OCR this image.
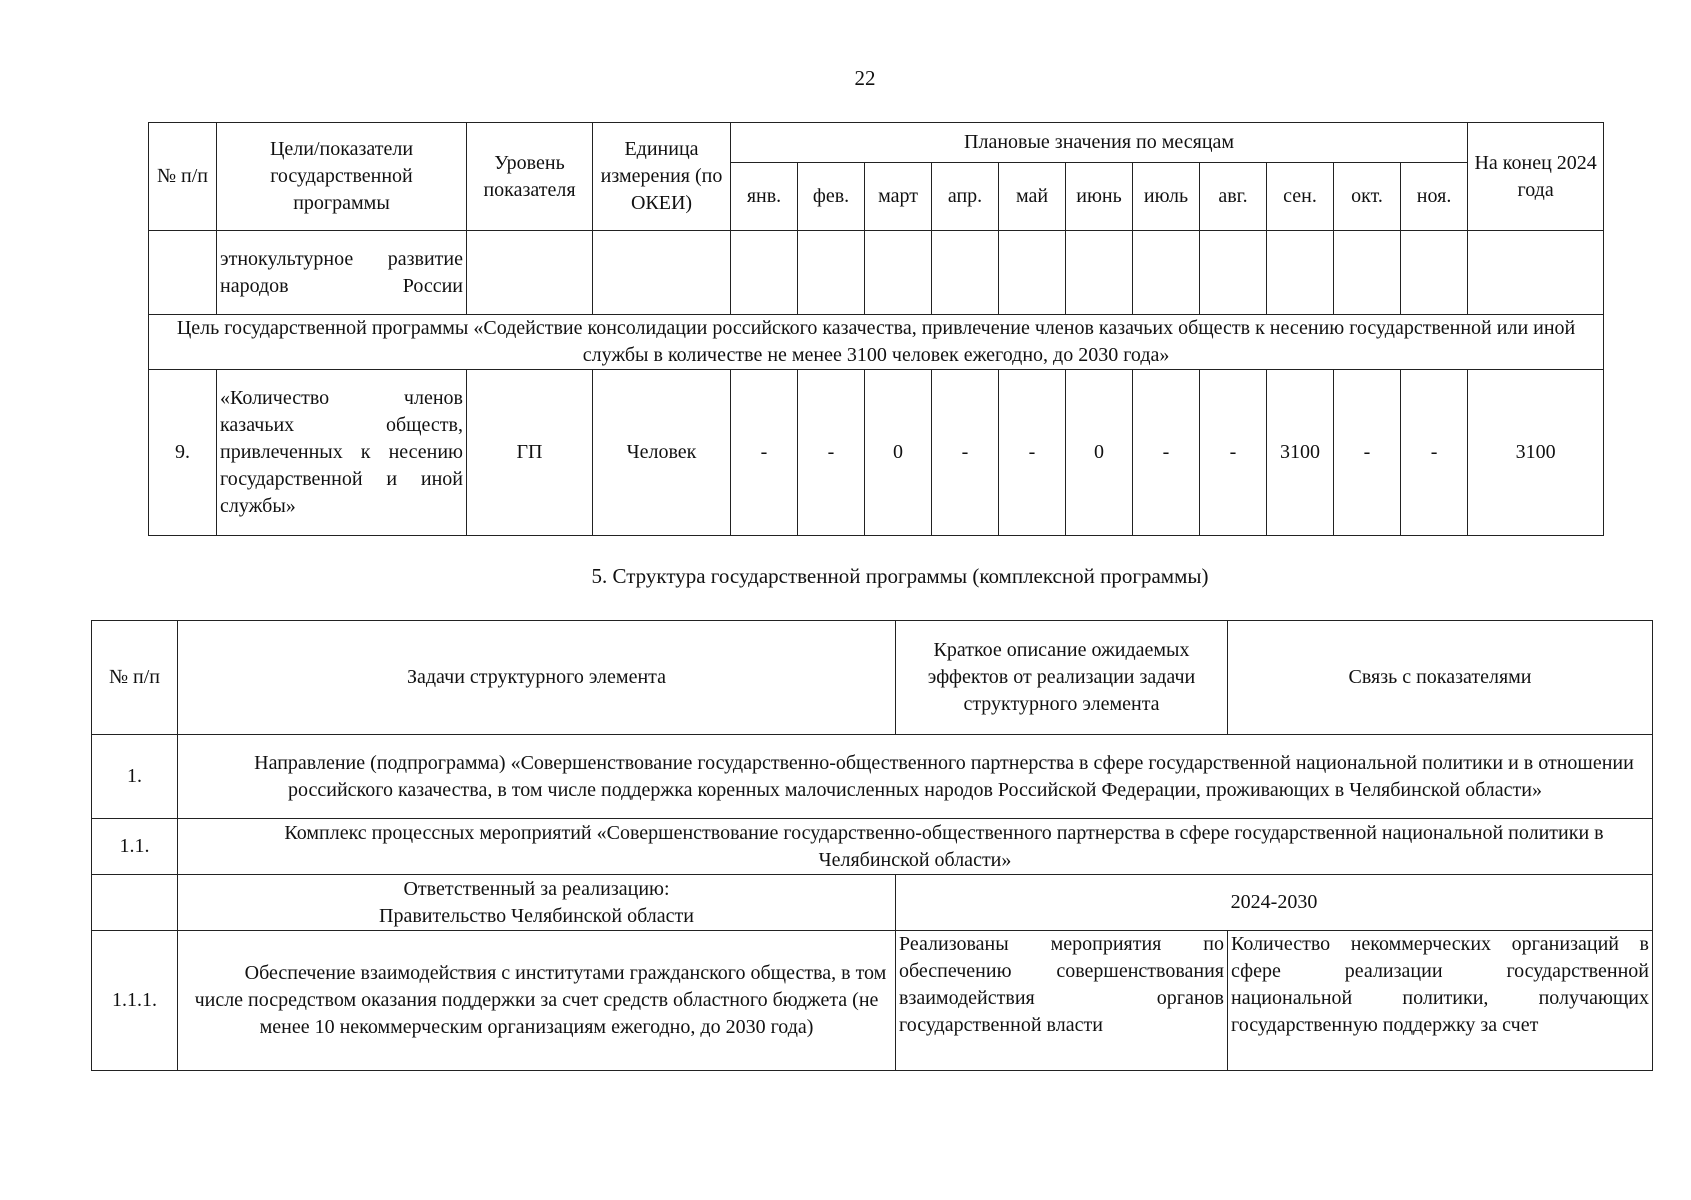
22
№ п/п	Цели/показатели государственной программы	Уровень показателя	Единица измерения (по ОКЕИ)	Плановые значения по месяцам											На конец 2024 года
				янв.	фев.	март	апр.	май	июнь	июль	авг.	сен.	окт.	ноя.	
	этнокультурное развитие народов России														
Цель государственной программы «Содействие консолидации российского казачества, привлечение членов казачьих обществ к несению государственной или иной службы в количестве не менее 3100 человек ежегодно, до 2030 года»															
9.	«Количество членов казачьих обществ, привлеченных к несению государственной и иной службы»	ГП	Человек	-	-	0	-	-	0	-	-	3100	-	-	3100
5. Структура государственной программы (комплексной программы)
№ п/п	Задачи структурного элемента	Краткое описание ожидаемых эффектов от реализации задачи структурного элемента	Связь с показателями
1.	Направление (подпрограмма) «Совершенствование государственно-общественного партнерства в сфере государственной национальной политики и в отношении российского казачества, в том числе поддержка коренных малочисленных народов Российской Федерации, проживающих в Челябинской области»		
1.1.	Комплекс процессных мероприятий «Совершенствование государственно-общественного партнерства в сфере государственной национальной политики в Челябинской области»		

	Ответственный за реализацию:
Правительство Челябинской области	2024-2030	
1.1.1.	Обеспечение взаимодействия с институтами гражданского общества, в том числе посредством оказания поддержки за счет средств областного бюджета (не менее 10 некоммерческим организациям ежегодно, до 2030 года)	Реализованы мероприятия по обеспечению совершенствования взаимодействия органов государственной власти	Количество некоммерческих организаций в сфере реализации государственной национальной политики, получающих государственную поддержку за счет
